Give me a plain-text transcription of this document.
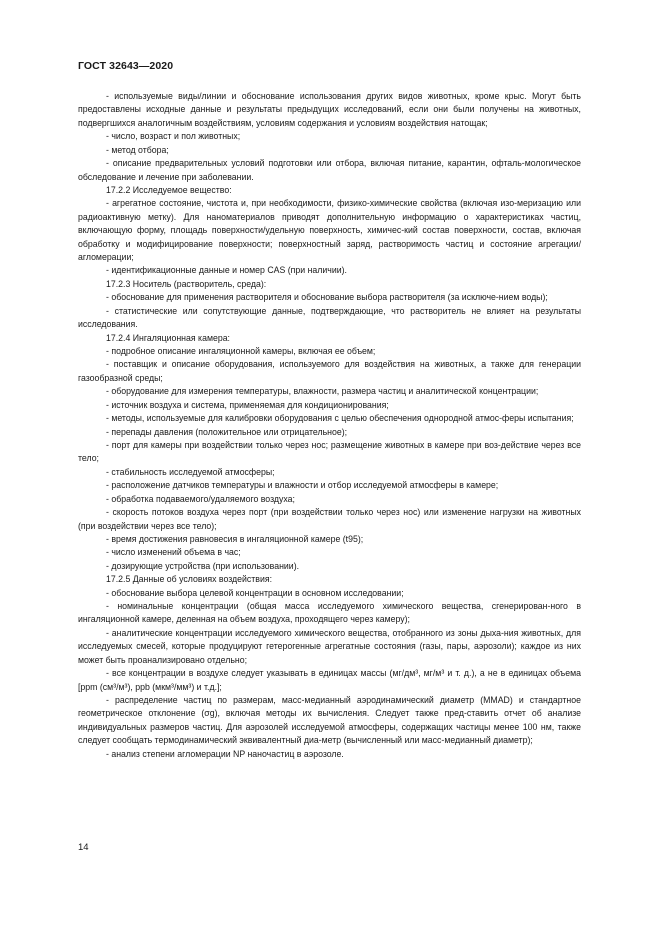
ГОСТ 32643—2020

- используемые виды/линии и обоснование использования других видов животных, кроме крыс. Могут быть предоставлены исходные данные и результаты предыдущих исследований, если они были получены на животных, подвергшихся аналогичным воздействиям, условиям содержания и условиям воздействия натощак;

- число, возраст и пол животных;

- метод отбора;

- описание предварительных условий подготовки или отбора, включая питание, карантин, офталь-мологическое обследование и лечение при заболевании.

17.2.2 Исследуемое вещество:

- агрегатное состояние, чистота и, при необходимости, физико-химические свойства (включая изо-меризацию или радиоактивную метку). Для наноматериалов приводят дополнительную информацию о характеристиках частиц, включающую форму, площадь поверхности/удельную поверхность, химичес-кий состав поверхности, состав, включая обработку и модифицирование поверхности; поверхностный заряд, растворимость частиц и состояние агрегации/агломерации;

- идентификационные данные и номер CAS (при наличии).

17.2.3 Носитель (растворитель, среда):

- обоснование для применения растворителя и обоснование выбора растворителя (за исключе-нием воды);

- статистические или сопутствующие данные, подтверждающие, что растворитель не влияет на результаты исследования.

17.2.4 Ингаляционная камера:

- подробное описание ингаляционной камеры, включая ее объем;

- поставщик и описание оборудования, используемого для воздействия на животных, а также для генерации газообразной среды;

- оборудование для измерения температуры, влажности, размера частиц и аналитической концентрации;

- источник воздуха и система, применяемая для кондиционирования;

- методы, используемые для калибровки оборудования с целью обеспечения однородной атмос-феры испытания;

- перепады давления (положительное или отрицательное);

- порт для камеры при воздействии только через нос; размещение животных в камере при воз-действие через все тело;

- стабильность исследуемой атмосферы;

- расположение датчиков температуры и влажности и отбор исследуемой атмосферы в камере;

- обработка подаваемого/удаляемого воздуха;

- скорость потоков воздуха через порт (при воздействии только через нос) или изменение нагрузки на животных (при воздействии через все тело);

- время достижения равновесия в ингаляционной камере (t95);

- число изменений объема в час;

- дозирующие устройства (при использовании).

17.2.5 Данные об условиях воздействия:

- обоснование выбора целевой концентрации в основном исследовании;

- номинальные концентрации (общая масса исследуемого химического вещества, сгенерирован-ного в ингаляционной камере, деленная на объем воздуха, проходящего через камеру);

- аналитические концентрации исследуемого химического вещества, отобранного из зоны дыха-ния животных, для исследуемых смесей, которые продуцируют гетерогенные агрегатные состояния (газы, пары, аэрозоли); каждое из них может быть проанализировано отдельно;

- все концентрации в воздухе следует указывать в единицах массы (мг/дм³, мг/м³ и т. д.), а не в единицах объема [ppm (см³/м³), ppb (мкм³/мм³) и т.д.];

- распределение частиц по размерам, масс-медианный аэродинамический диаметр (MMAD) и стандартное геометрическое отклонение (σg), включая методы их вычисления. Следует также пред-ставить отчет об анализе индивидуальных размеров частиц. Для аэрозолей исследуемой атмосферы, содержащих частицы менее 100 нм, также следует сообщать термодинамический эквивалентный диа-метр (вычисленный или масс-медианный диаметр);

- анализ степени агломерации NP наночастиц в аэрозоле.

14
